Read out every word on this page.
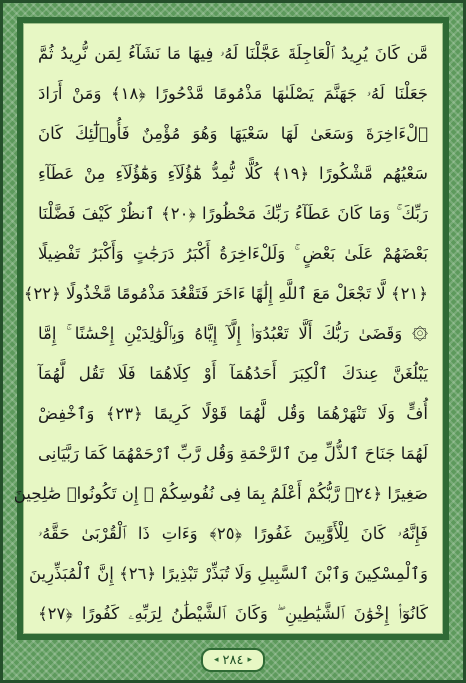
مَّن كَانَ يُرِيدُ ٱلْعَاجِلَةَ عَجَّلْنَا لَهُۥ فِيهَا مَا نَشَآءُ لِمَن نُّرِيدُ ثُمَّ
جَعَلْنَا لَهُۥ جَهَنَّمَ يَصْلَىٰهَا مَذْمُومًا مَّدْحُورًا ﴿١٨﴾ وَمَنْ أَرَادَ
ٱلْءَاخِرَةَ وَسَعَىٰ لَهَا سَعْيَهَا وَهُوَ مُؤْمِنٌ فَأُو۟لَٰٓئِكَ كَانَ
سَعْيُهُم مَّشْكُورًا ﴿١٩﴾ كُلًّا نُّمِدُّ هَٰٓؤُلَآءِ وَهَٰٓؤُلَآءِ مِنْ عَطَآءِ
رَبِّكَ ۚ وَمَا كَانَ عَطَآءُ رَبِّكَ مَحْظُورًا ﴿٢٠﴾ ٱنظُرْ كَيْفَ فَضَّلْنَا
بَعْضَهُمْ عَلَىٰ بَعْضٍ ۚ وَلَلْءَاخِرَةُ أَكْبَرُ دَرَجَٰتٍ وَأَكْبَرُ تَفْضِيلًا
﴿٢١﴾ لَّا تَجْعَلْ مَعَ ٱللَّهِ إِلَٰهًا ءَاخَرَ فَتَقْعُدَ مَذْمُومًا مَّخْذُولًا ﴿٢٢﴾
۞ وَقَضَىٰ رَبُّكَ أَلَّا تَعْبُدُوٓا۟ إِلَّآ إِيَّاهُ وَبِٱلْوَٰلِدَيْنِ إِحْسَٰنًا ۚ إِمَّا
يَبْلُغَنَّ عِندَكَ ٱلْكِبَرَ أَحَدُهُمَآ أَوْ كِلَاهُمَا فَلَا تَقُل لَّهُمَآ
أُفٍّ وَلَا تَنْهَرْهُمَا وَقُل لَّهُمَا قَوْلًا كَرِيمًا ﴿٢٣﴾ وَٱخْفِضْ
لَهُمَا جَنَاحَ ٱلذُّلِّ مِنَ ٱلرَّحْمَةِ وَقُل رَّبِّ ٱرْحَمْهُمَا كَمَا رَبَّيَانِى
صَغِيرًا ﴿٢٤﴾ رَّبُّكُمْ أَعْلَمُ بِمَا فِى نُفُوسِكُمْ ۚ إِن تَكُونُوا۟ صَٰلِحِينَ
فَإِنَّهُۥ كَانَ لِلْأَوَّٰبِينَ غَفُورًا ﴿٢٥﴾ وَءَاتِ ذَا ٱلْقُرْبَىٰ حَقَّهُۥ
وَٱلْمِسْكِينَ وَٱبْنَ ٱلسَّبِيلِ وَلَا تُبَذِّرْ تَبْذِيرًا ﴿٢٦﴾ إِنَّ ٱلْمُبَذِّرِينَ
كَانُوٓا۟ إِخْوَٰنَ ٱلشَّيَٰطِينِ ۖ وَكَانَ ٱلشَّيْطَٰنُ لِرَبِّهِۦ كَفُورًا ﴿٢٧﴾
▸
٢٨٤
◂
